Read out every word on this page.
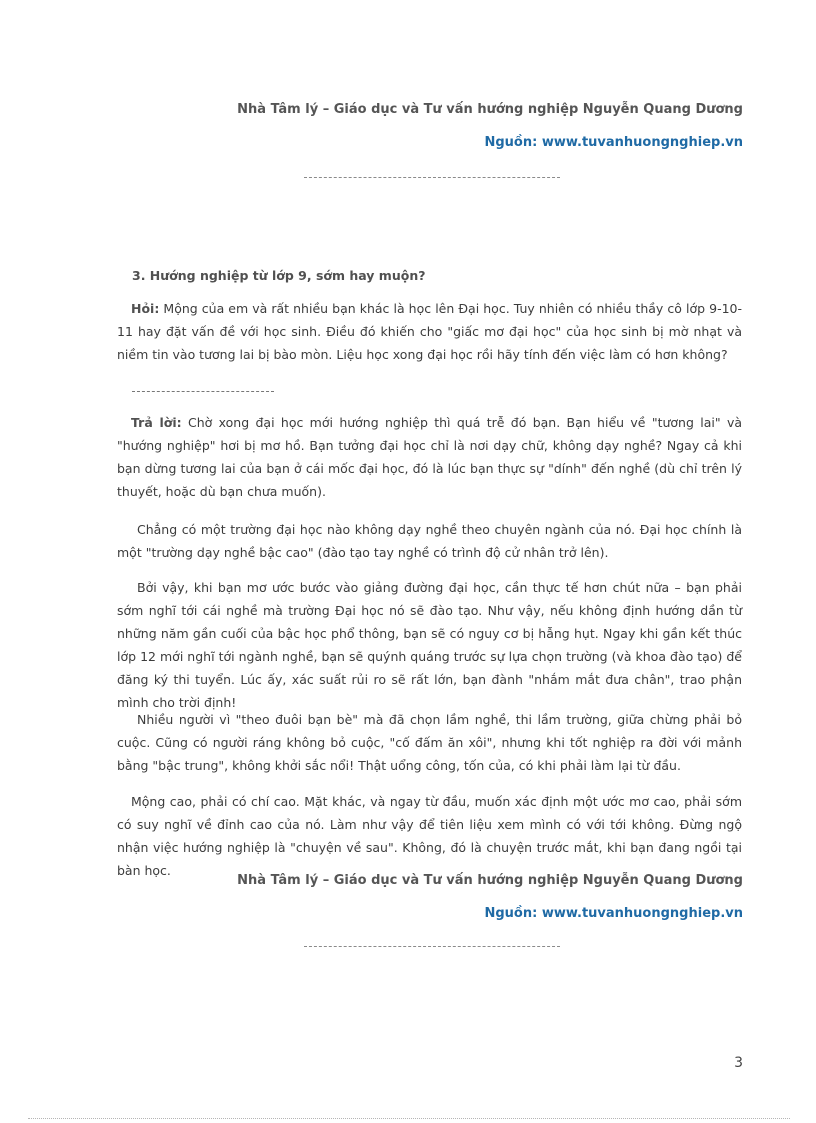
Nhà Tâm lý – Giáo dục và Tư vấn hướng nghiệp Nguyễn Quang Dương
Nguồn: www.tuvanhuongnghiep.vn
3. Hướng nghiệp từ lớp 9, sớm hay muộn?

Hỏi: Mộng của em và rất nhiều bạn khác là học lên Đại học. Tuy nhiên có nhiều thầy cô lớp 9-10-11 hay đặt vấn đề với học sinh. Điều đó khiến cho "giấc mơ đại học" của học sinh bị mờ nhạt và niềm tin vào tương lai bị bào mòn. Liệu học xong đại học rồi hãy tính đến việc làm có hơn không?

Trả lời: Chờ xong đại học mới hướng nghiệp thì quá trễ đó bạn. Bạn hiểu về "tương lai" và "hướng nghiệp" hơi bị mơ hồ. Bạn tưởng đại học chỉ là nơi dạy chữ, không dạy nghề? Ngay cả khi bạn dừng tương lai của bạn ở cái mốc đại học, đó là lúc bạn thực sự "dính" đến nghề (dù chỉ trên lý thuyết, hoặc dù bạn chưa muốn).

Chẳng có một trường đại học nào không dạy nghề theo chuyên ngành của nó. Đại học chính là một "trường dạy nghề bậc cao" (đào tạo tay nghề có trình độ cử nhân trở lên).

Bởi vậy, khi bạn mơ ước bước vào giảng đường đại học, cần thực tế hơn chút nữa – bạn phải sớm nghĩ tới cái nghề mà trường Đại học nó sẽ đào tạo. Như vậy, nếu không định hướng dần từ những năm gần cuối của bậc học phổ thông, bạn sẽ có nguy cơ bị hẫng hụt. Ngay khi gần kết thúc lớp 12 mới nghĩ tới ngành nghề, bạn sẽ quýnh quáng trước sự lựa chọn trường (và khoa đào tạo) để đăng ký thi tuyển. Lúc ấy, xác suất rủi ro sẽ rất lớn, bạn đành "nhắm mắt đưa chân", trao phận mình cho trời định!

Nhiều người vì "theo đuôi bạn bè" mà đã chọn lầm nghề, thi lầm trường, giữa chừng phải bỏ cuộc. Cũng có người ráng không bỏ cuộc, "cố đấm ăn xôi", nhưng khi tốt nghiệp ra đời với mảnh bằng "bậc trung", không khởi sắc nổi! Thật uổng công, tốn của, có khi phải làm lại từ đầu.

Mộng cao, phải có chí cao. Mặt khác, và ngay từ đầu, muốn xác định một ước mơ cao, phải sớm có suy nghĩ về đỉnh cao của nó. Làm như vậy để tiên liệu xem mình có với tới không. Đừng ngộ nhận việc hướng nghiệp là "chuyện về sau". Không, đó là chuyện trước mắt, khi bạn đang ngồi tại bàn học.

Nhà Tâm lý – Giáo dục và Tư vấn hướng nghiệp Nguyễn Quang Dương
Nguồn: www.tuvanhuongnghiep.vn
3
